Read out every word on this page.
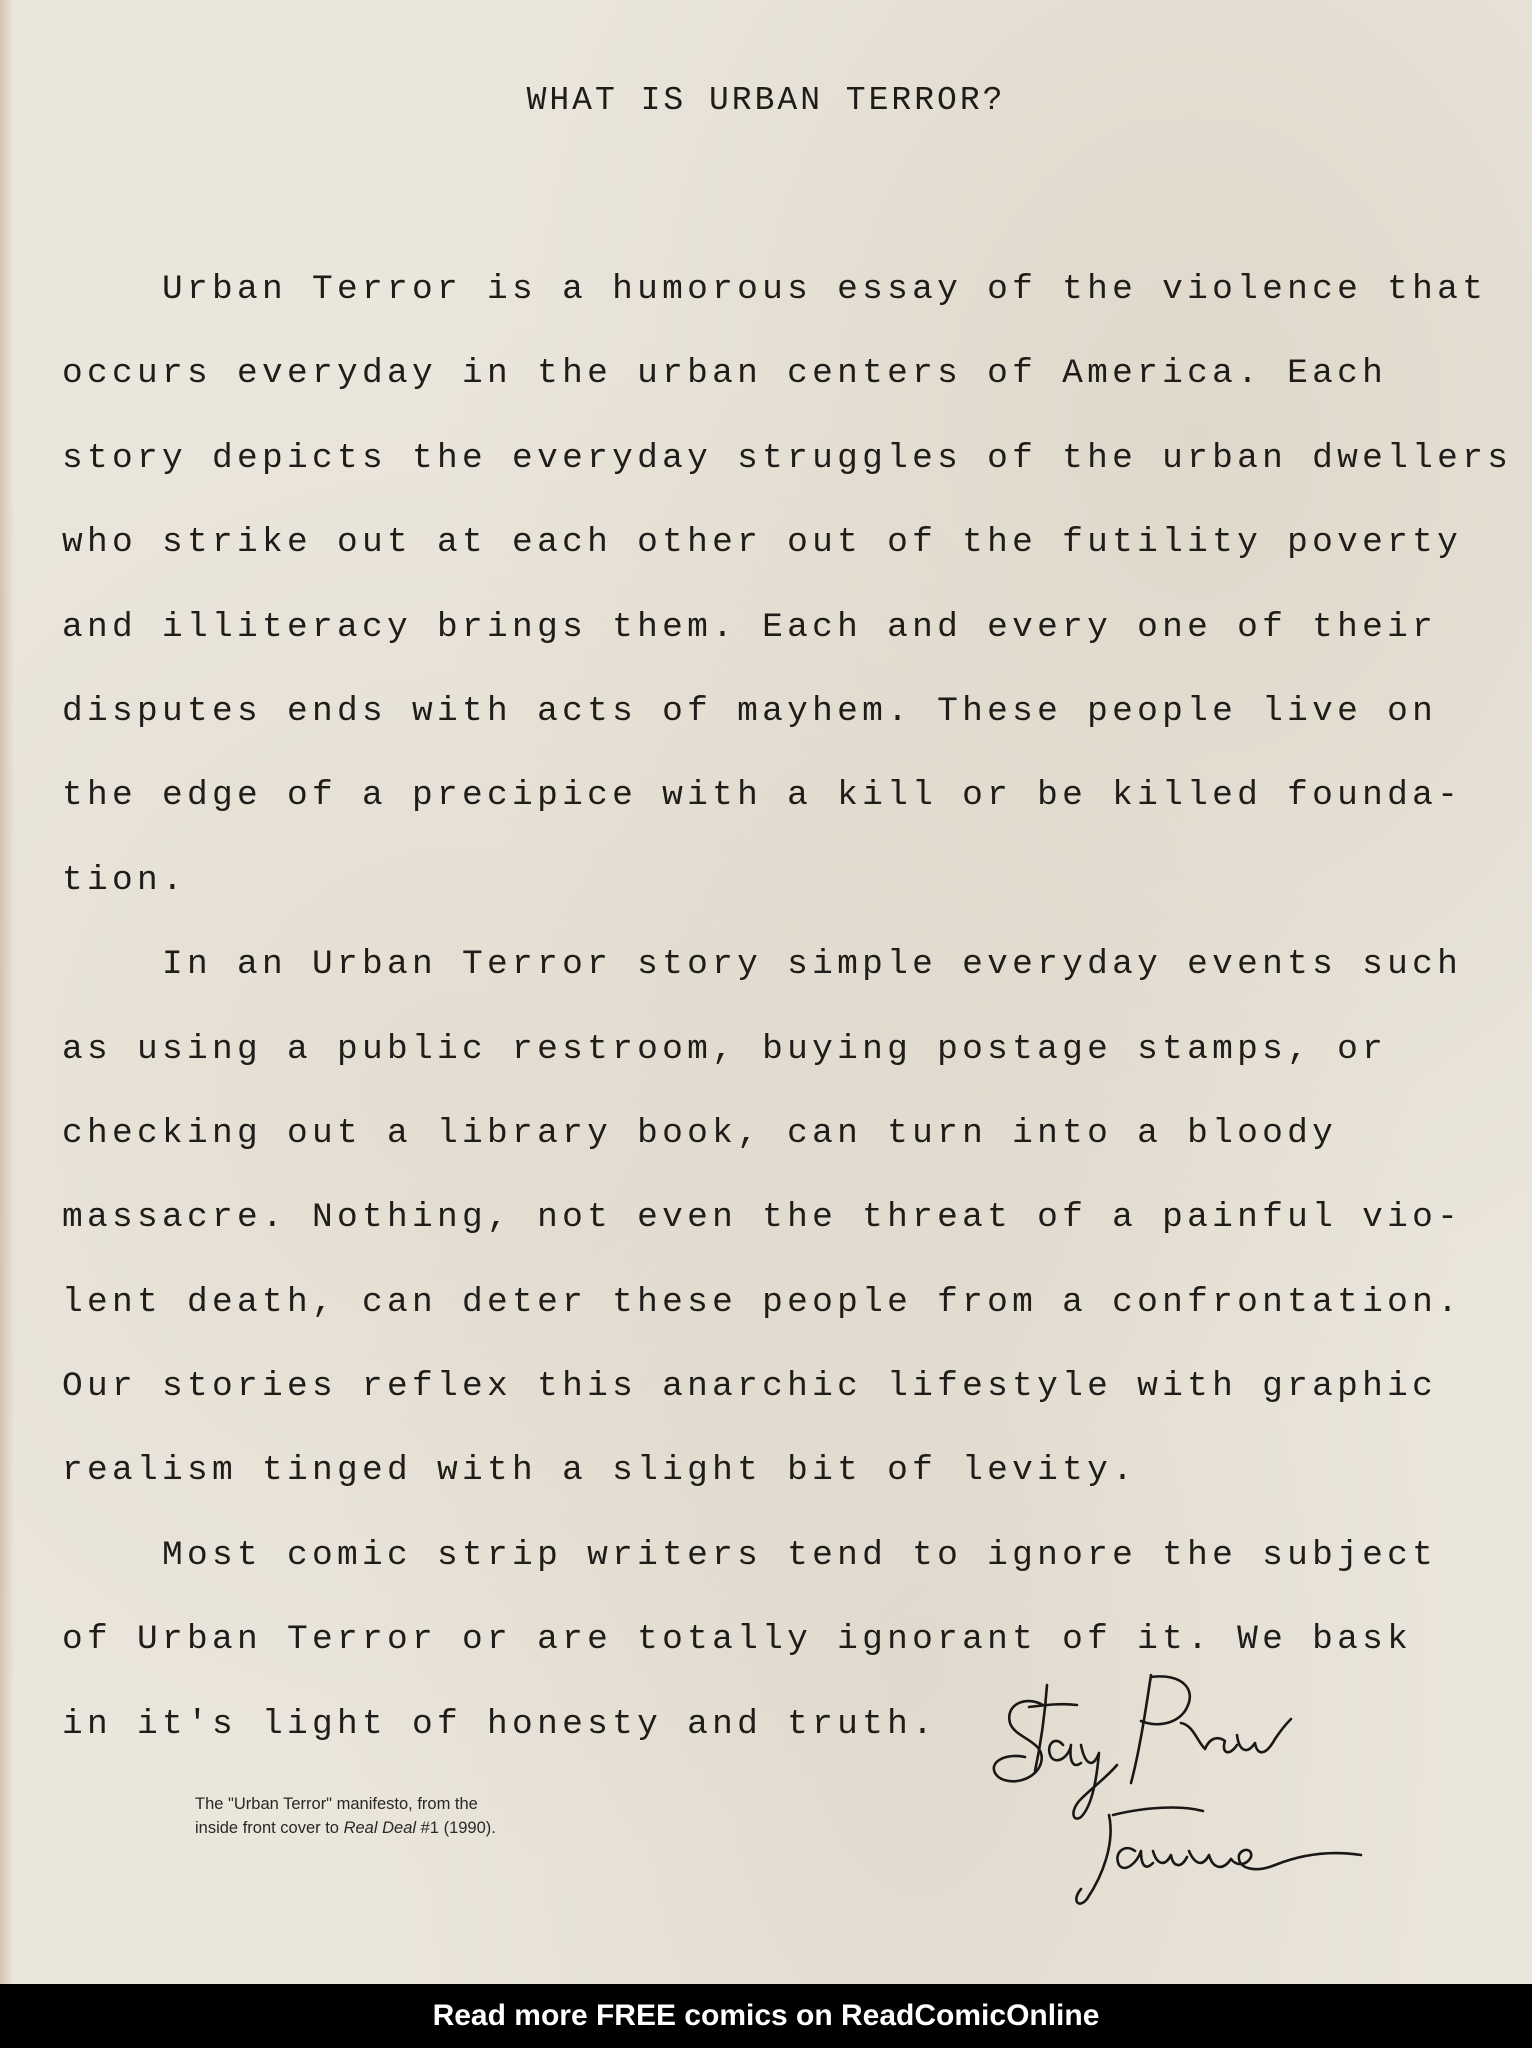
WHAT IS URBAN TERROR?
Urban Terror is a humorous essay of the violence that
occurs everyday in the urban centers of America. Each
story depicts the everyday struggles of the urban dwellers
who strike out at each other out of the futility poverty
and illiteracy brings them. Each and every one of their
disputes ends with acts of mayhem. These people live on
the edge of a precipice with a kill or be killed founda-
tion.
In an Urban Terror story simple everyday events such
as using a public restroom, buying postage stamps, or
checking out a library book, can turn into a bloody
massacre. Nothing, not even the threat of a painful vio-
lent death, can deter these people from a confrontation.
Our stories reflex this anarchic lifestyle with graphic
realism tinged with a slight bit of levity.
Most comic strip writers tend to ignore the subject
of Urban Terror or are totally ignorant of it. We bask
in it's light of honesty and truth.
The "Urban Terror" manifesto, from the
inside front cover to Real Deal #1 (1990).
Read more FREE comics on ReadComicOnline
